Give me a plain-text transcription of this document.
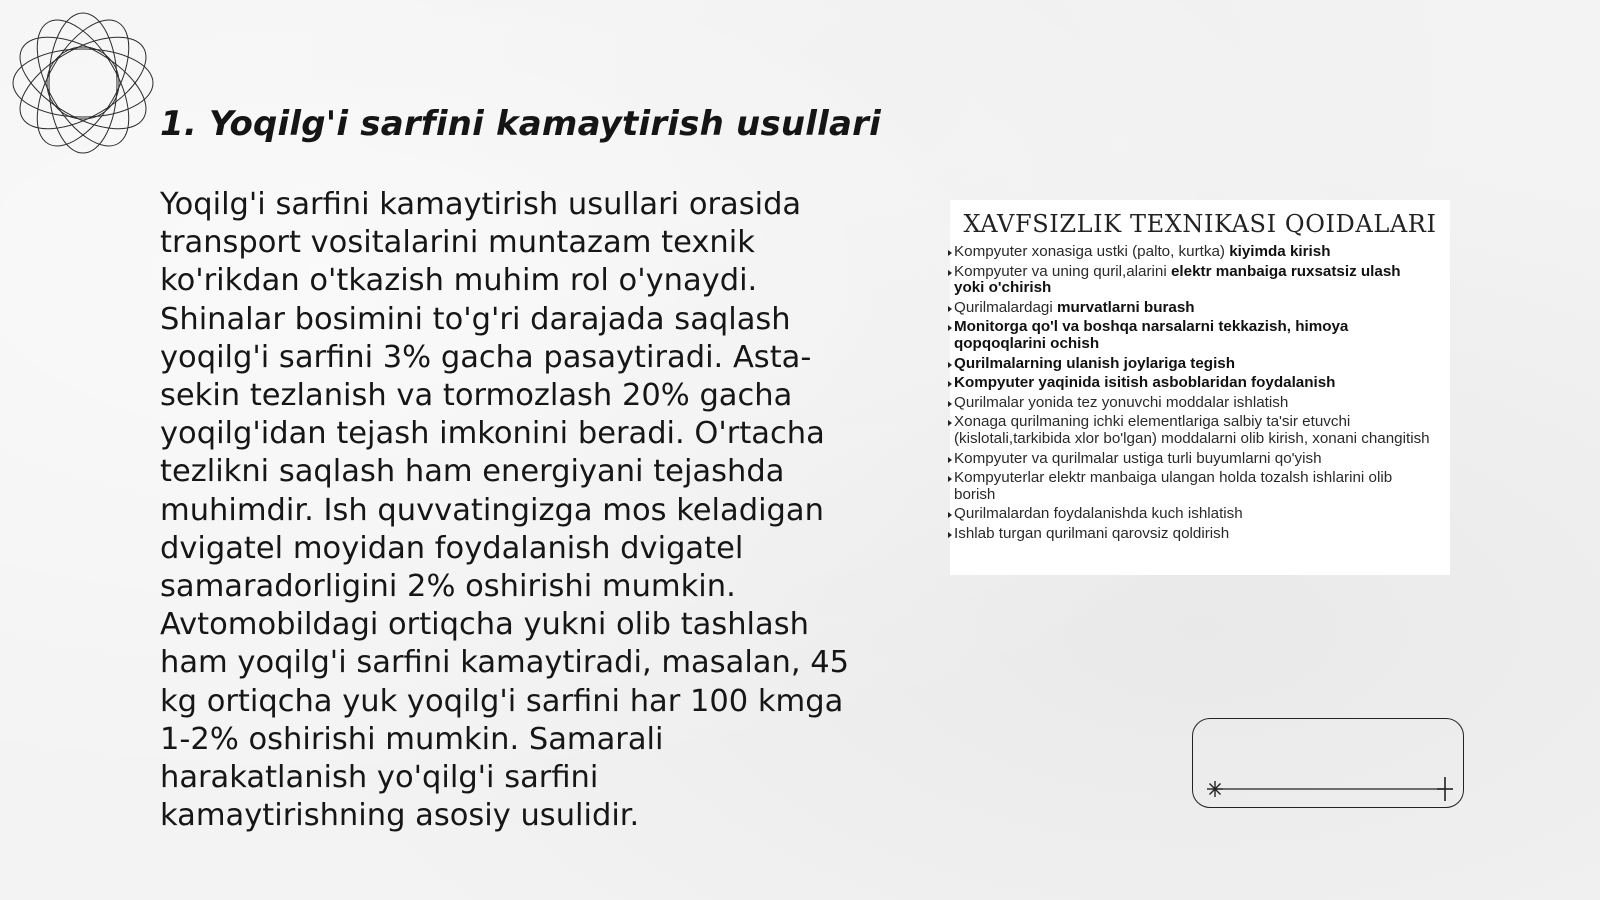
1. Yoqilg'i sarfini kamaytirish usullari

Yoqilg'i sarfini kamaytirish usullari orasida transport vositalarini muntazam texnik ko'rikdan o'tkazish muhim rol o'ynaydi. Shinalar bosimini to'g'ri darajada saqlash yoqilg'i sarfini 3% gacha pasaytiradi. Asta-sekin tezlanish va tormozlash 20% gacha yoqilg'idan tejash imkonini beradi. O'rtacha tezlikni saqlash ham energiyani tejashda muhimdir. Ish quvvatingizga mos keladigan dvigatel moyidan foydalanish dvigatel samaradorligini 2% oshirishi mumkin. Avtomobildagi ortiqcha yukni olib tashlash ham yoqilg'i sarfini kamaytiradi, masalan, 45 kg ortiqcha yuk yoqilg'i sarfini har 100 kmga 1-2% oshirishi mumkin. Samarali harakatlanish yo'qilg'i sarfini kamaytirishning asosiy usulidir.

XAVFSIZLIK TEXNIKASI QOIDALARI
Kompyuter xonasiga ustki (palto, kurtka) kiyimda kirish
Kompyuter va uning quril,alarini elektr manbaiga ruxsatsiz ulash yoki o'chirish
Qurilmalardagi murvatlarni burash
Monitorga qo'l va boshqa narsalarni tekkazish, himoya qopqoqlarini ochish
Qurilmalarning ulanish joylariga tegish
Kompyuter yaqinida isitish asboblaridan foydalanish
Qurilmalar yonida tez yonuvchi moddalar ishlatish
Xonaga qurilmaning ichki elementlariga salbiy ta'sir etuvchi (kislotali,tarkibida xlor bo'lgan) moddalarni olib kirish, xonani changitish
Kompyuter va qurilmalar ustiga turli buyumlarni qo'yish
Kompyuterlar elektr manbaiga ulangan holda tozalsh ishlarini olib borish
Qurilmalardan foydalanishda kuch ishlatish
Ishlab turgan qurilmani qarovsiz qoldirish
